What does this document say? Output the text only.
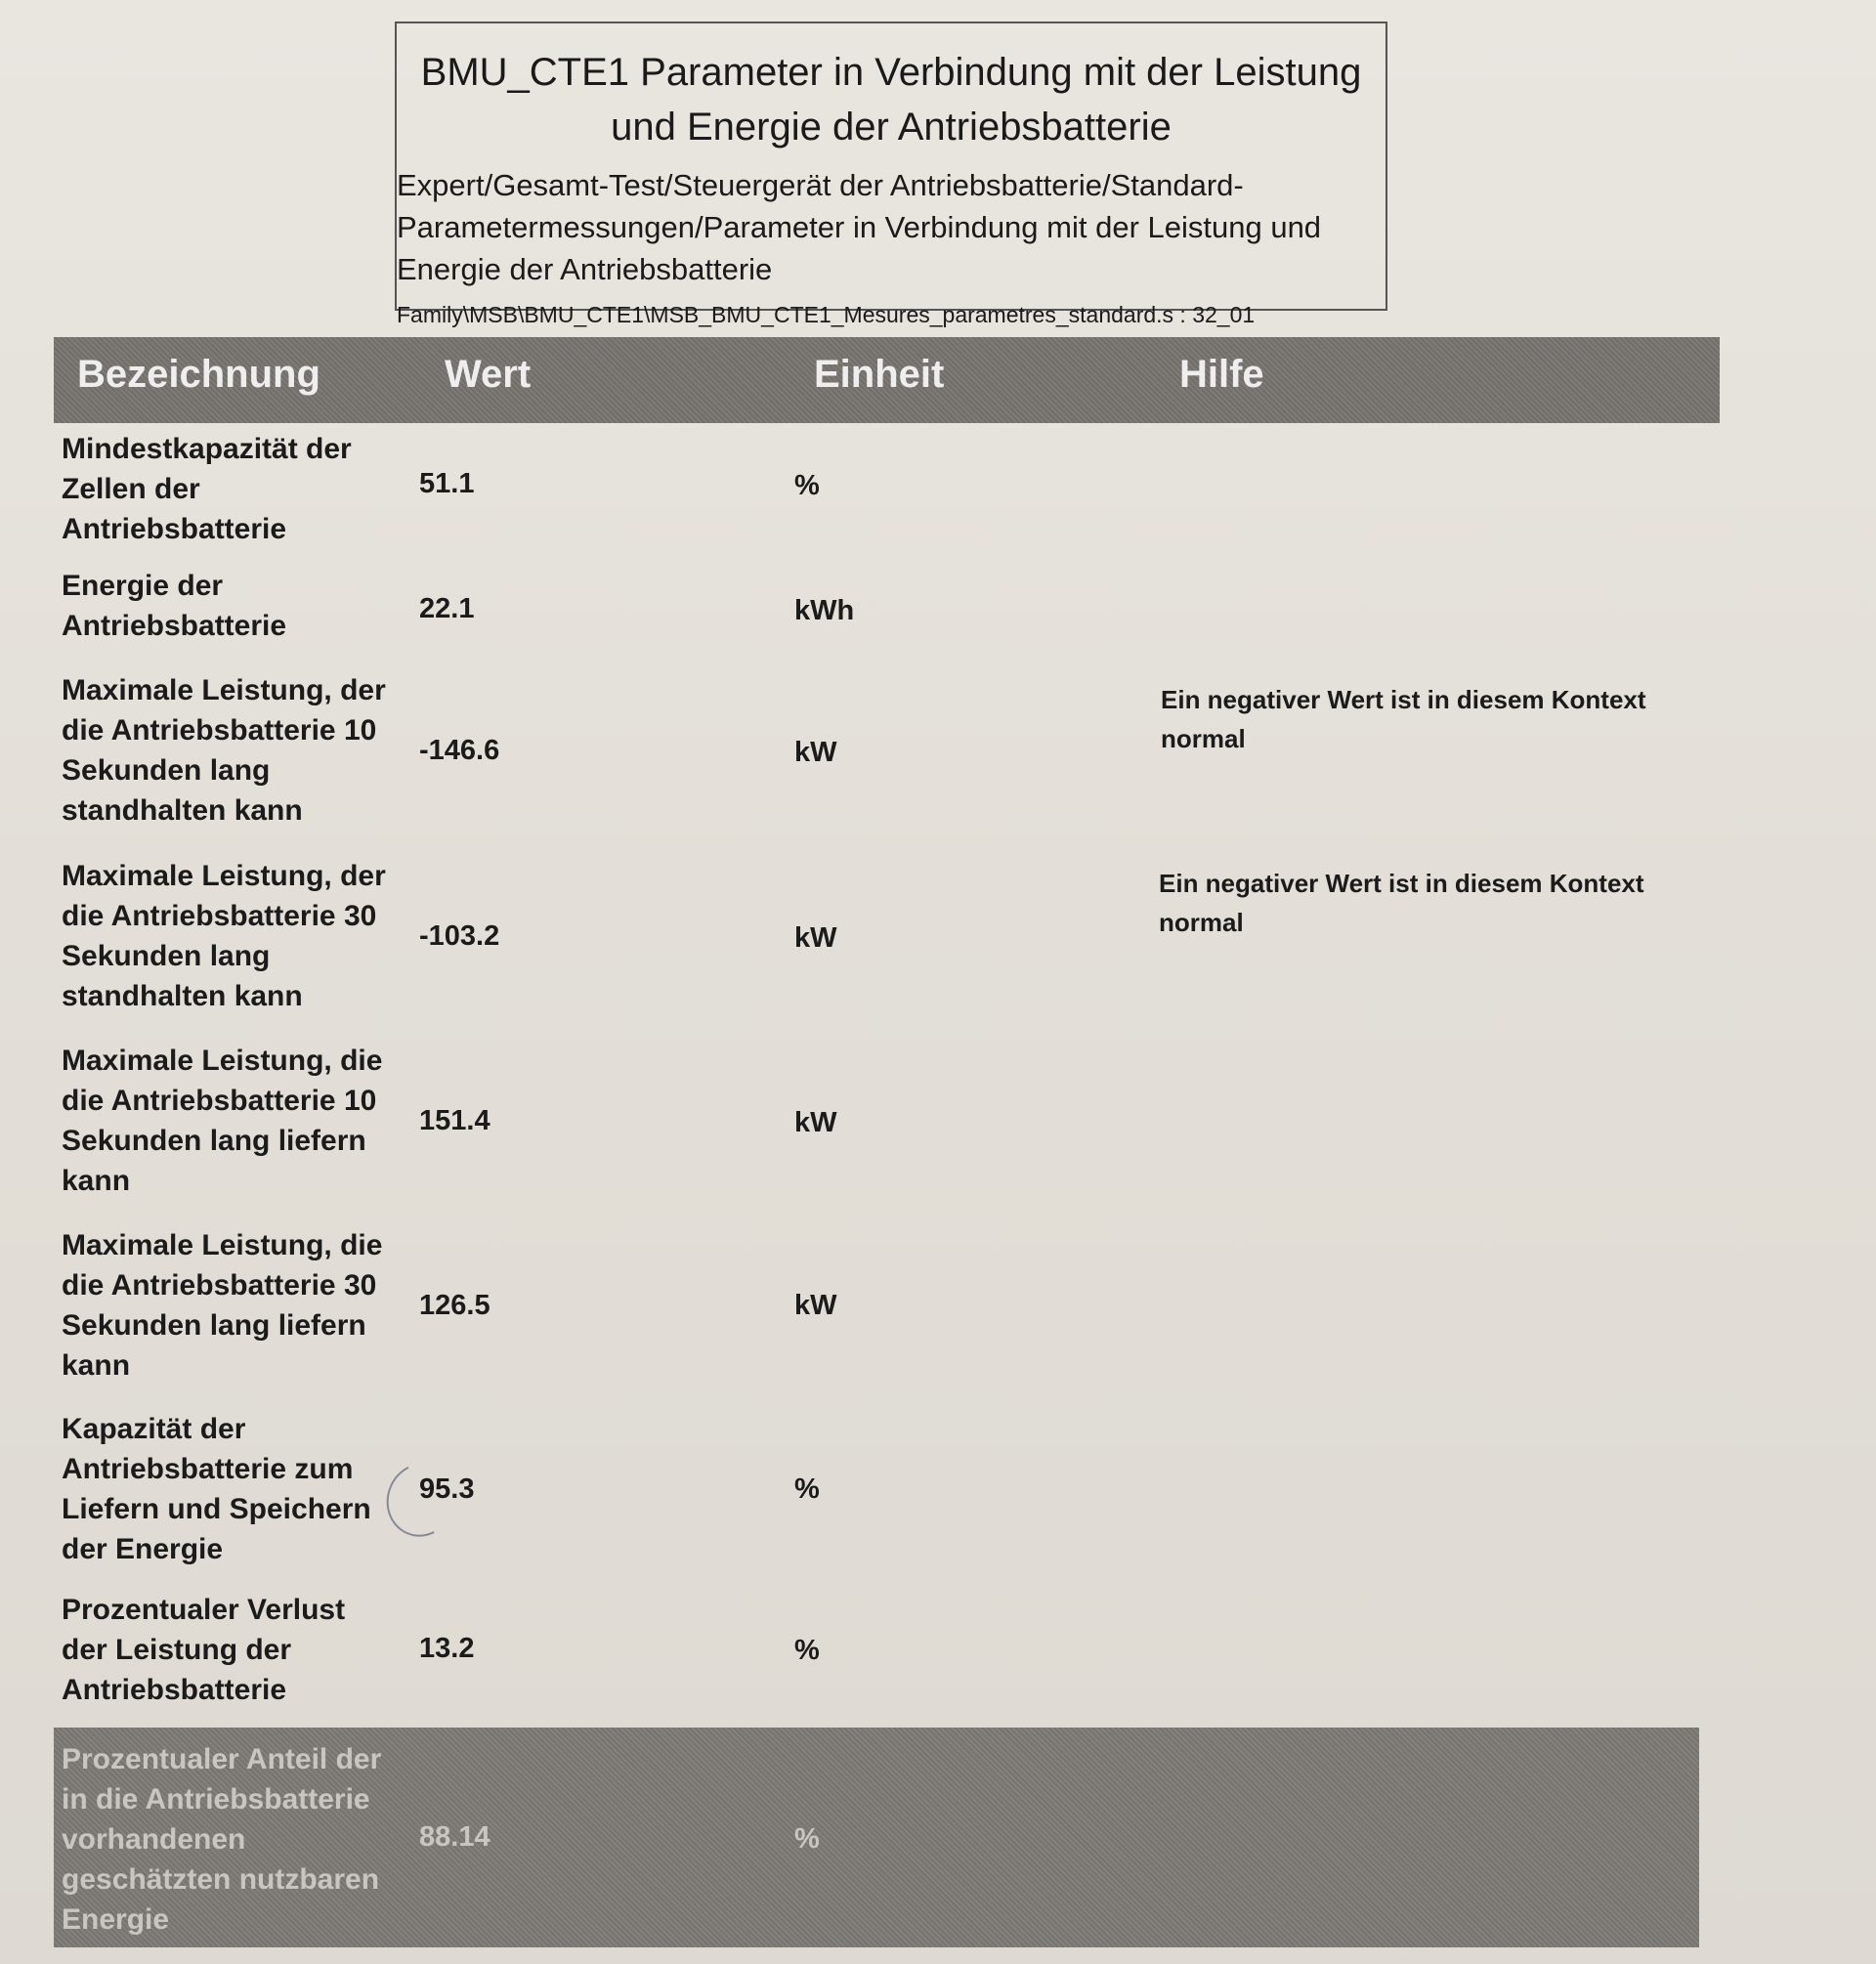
BMU_CTE1 Parameter in Verbindung mit der Leistung
und Energie der Antriebsbatterie
Expert/Gesamt-Test/Steuergerät der Antriebsbatterie/Standard-
Parametermessungen/Parameter in Verbindung mit der Leistung und
Energie der Antriebsbatterie
Family\MSB\BMU_CTE1\MSB_BMU_CTE1_Mesures_parametres_standard.s : 32_01
Bezeichnung	Wert	Einheit	Hilfe
Mindestkapazität der
Zellen der
Antriebsbatterie
51.1	%
Energie der
Antriebsbatterie
22.1	kWh
Maximale Leistung, der
die Antriebsbatterie 10
Sekunden lang
standhalten kann
-146.6	kW
Ein negativer Wert ist in diesem Kontext
normal
Maximale Leistung, der
die Antriebsbatterie 30
Sekunden lang
standhalten kann
-103.2	kW
Ein negativer Wert ist in diesem Kontext
normal
Maximale Leistung, die
die Antriebsbatterie 10
Sekunden lang liefern
kann
151.4	kW
Maximale Leistung, die
die Antriebsbatterie 30
Sekunden lang liefern
kann
126.5	kW
Kapazität der
Antriebsbatterie zum
Liefern und Speichern
der Energie
95.3	%
Prozentualer Verlust
der Leistung der
Antriebsbatterie
13.2	%
Prozentualer Anteil der
in die Antriebsbatterie
vorhandenen
geschätzten nutzbaren
Energie
88.14	%
